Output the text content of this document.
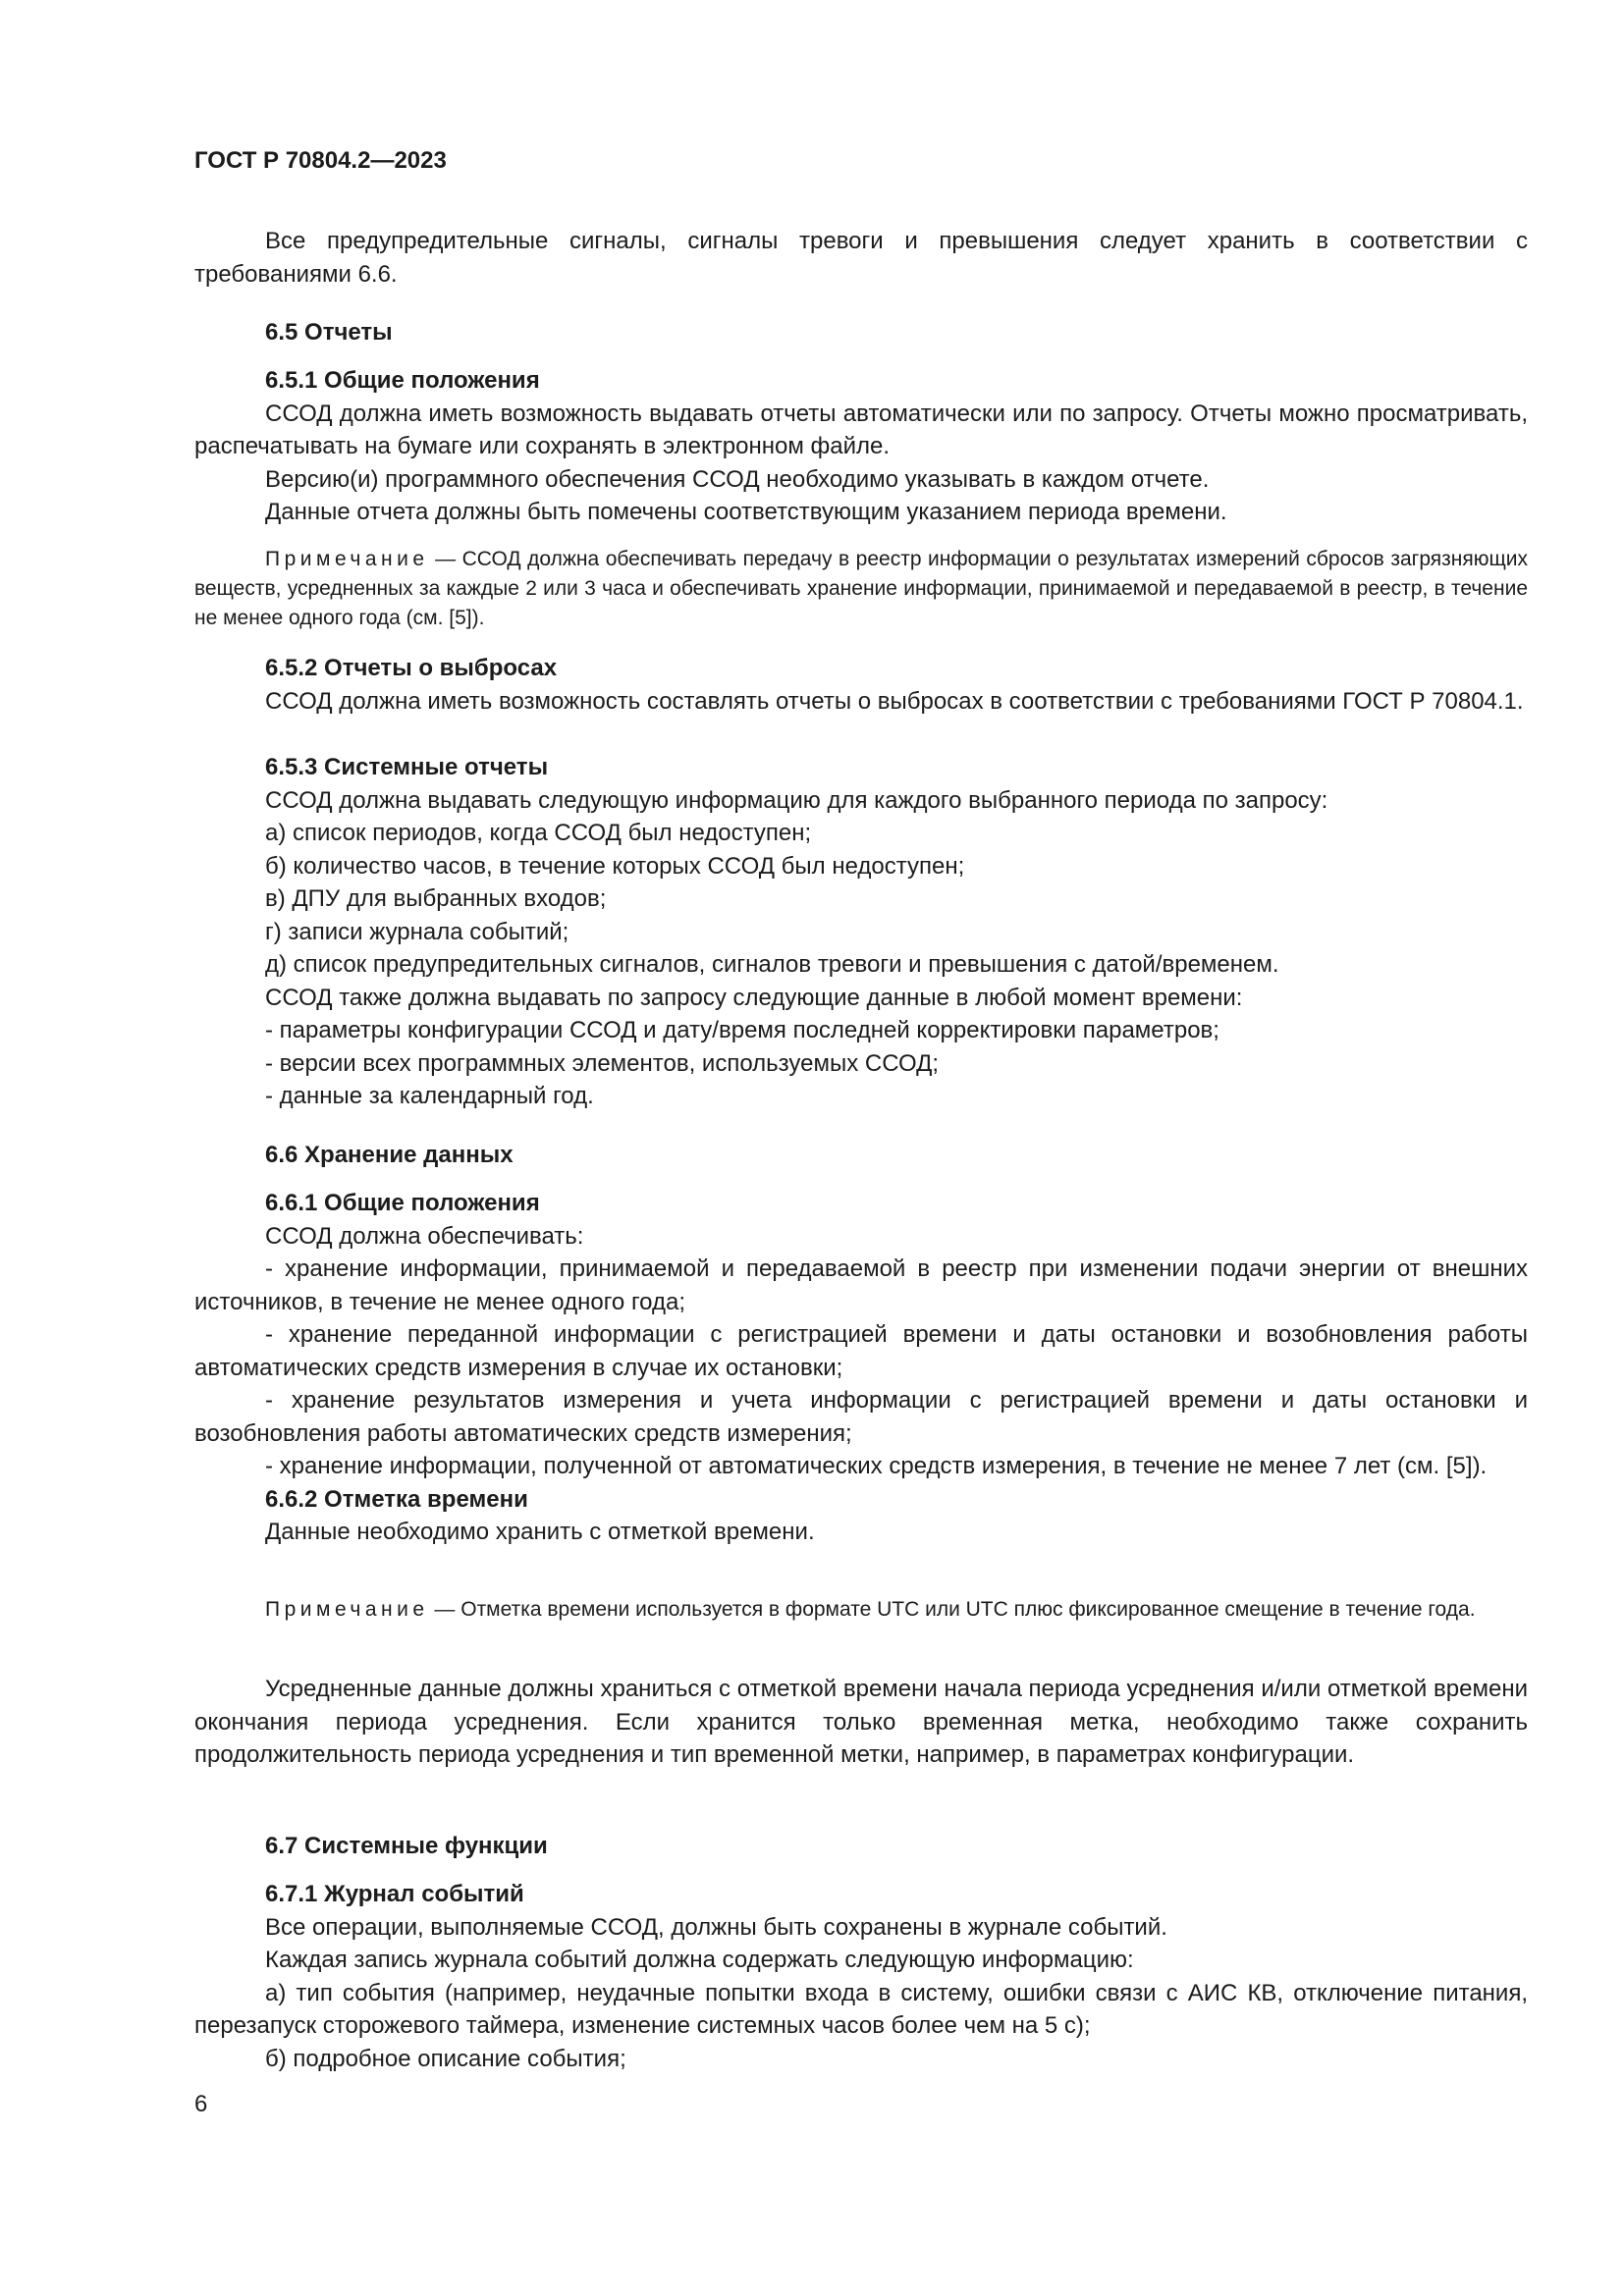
ГОСТ Р 70804.2—2023

Все предупредительные сигналы, сигналы тревоги и превышения следует хранить в соответствии с требованиями 6.6.

6.5 Отчеты

6.5.1 Общие положения

ССОД должна иметь возможность выдавать отчеты автоматически или по запросу. Отчеты можно просматривать, распечатывать на бумаге или сохранять в электронном файле.

Версию(и) программного обеспечения ССОД необходимо указывать в каждом отчете.

Данные отчета должны быть помечены соответствующим указанием периода времени.

Примечание — ССОД должна обеспечивать передачу в реестр информации о результатах измерений сбросов загрязняющих веществ, усредненных за каждые 2 или 3 часа и обеспечивать хранение информации, принимаемой и передаваемой в реестр, в течение не менее одного года (см. [5]).

6.5.2 Отчеты о выбросах

ССОД должна иметь возможность составлять отчеты о выбросах в соответствии с требованиями ГОСТ Р 70804.1.

6.5.3 Системные отчеты

ССОД должна выдавать следующую информацию для каждого выбранного периода по запросу:

а) список периодов, когда ССОД был недоступен;

б) количество часов, в течение которых ССОД был недоступен;

в) ДПУ для выбранных входов;

г) записи журнала событий;

д) список предупредительных сигналов, сигналов тревоги и превышения с датой/временем.

ССОД также должна выдавать по запросу следующие данные в любой момент времени:

- параметры конфигурации ССОД и дату/время последней корректировки параметров;

- версии всех программных элементов, используемых ССОД;

- данные за календарный год.

6.6 Хранение данных

6.6.1 Общие положения

ССОД должна обеспечивать:

- хранение информации, принимаемой и передаваемой в реестр при изменении подачи энергии от внешних источников, в течение не менее одного года;

- хранение переданной информации с регистрацией времени и даты остановки и возобновления работы автоматических средств измерения в случае их остановки;

- хранение результатов измерения и учета информации с регистрацией времени и даты остановки и возобновления работы автоматических средств измерения;

- хранение информации, полученной от автоматических средств измерения, в течение не менее 7 лет (см. [5]).

6.6.2 Отметка времени

Данные необходимо хранить с отметкой времени.

Примечание — Отметка времени используется в формате UTC или UTC плюс фиксированное смещение в течение года.

Усредненные данные должны храниться с отметкой времени начала периода усреднения и/или отметкой времени окончания периода усреднения. Если хранится только временная метка, необходимо также сохранить продолжительность периода усреднения и тип временной метки, например, в параметрах конфигурации.

6.7 Системные функции

6.7.1 Журнал событий

Все операции, выполняемые ССОД, должны быть сохранены в журнале событий.

Каждая запись журнала событий должна содержать следующую информацию:

а) тип события (например, неудачные попытки входа в систему, ошибки связи с АИС КВ, отключение питания, перезапуск сторожевого таймера, изменение системных часов более чем на 5 с);

б) подробное описание события;

6
